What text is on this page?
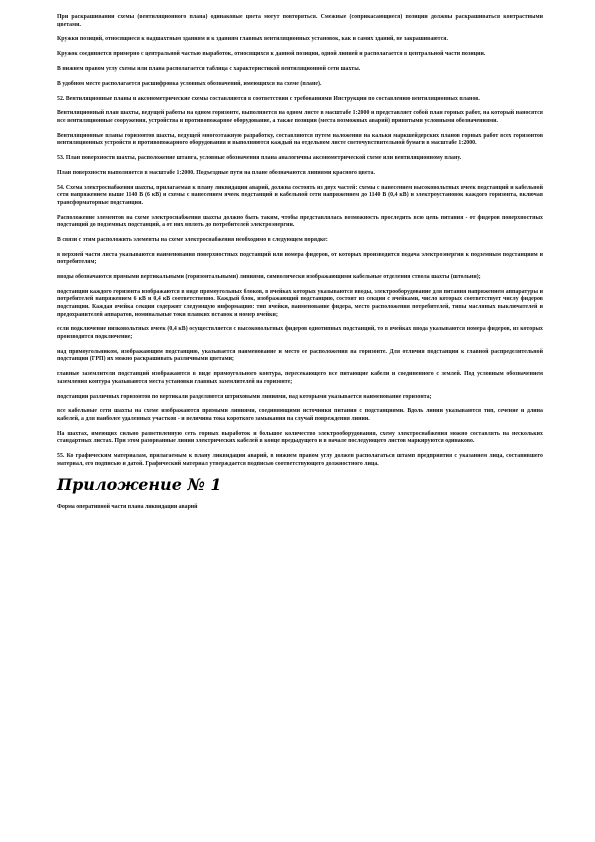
При раскрашивании схемы (вентиляционного плана) одинаковые цвета могут повторяться. Смежные (соприкасающиеся) позиции должны раскрашиваться контрастными цветами.

Кружки позиций, относящиеся к надшахтным зданиям и к зданиям главных вентиляционных установок, как и самих зданий, не закрашиваются.

Кружок соединяется примерно с центральной частью выработок, относящихся к данной позиции, одной линией и располагается в центральной части позиции.

В нижнем правом углу схемы или плана располагается таблица с характеристикой вентиляционной сети шахты.

В удобном месте располагается расшифровка условных обозначений, имеющихся на схеме (плане).

52. Вентиляционные планы и аксонометрические схемы составляются в соответствии с требованиями Инструкции по составлению вентиляционных планов.

Вентиляционный план шахты, ведущей работы на одном горизонте, выполняется на одном листе в масштабе 1:2000 и представляет собой план горных работ, на который наносятся все вентиляционные сооружения, устройства и противопожарное оборудование, а также позиции (места возможных аварий) принятыми условными обозначениями.

Вентиляционные планы горизонтов шахты, ведущей многоэтажную разработку, составляются путем наложения на кальки маркшейдерских планов горных работ всех горизонтов вентиляционных устройств и противопожарного оборудования и выполняются каждый на отдельном листе светочувствительной бумаги в масштабе 1:2000.

53. План поверхности шахты, расположение штанга, условные обозначения плана аналогичны аксонометрической схеме или вентиляционному плану.

План поверхности выполняется в масштабе 1:2000. Подъездные пути на плане обозначаются линиями красного цвета.

54. Схема электроснабжения шахты, прилагаемая к плану ликвидации аварий, должна состоять из двух частей: схемы с нанесением высоковольтных ячеек подстанций и кабельной сети напряжением выше 1140 В (6 кВ) и схемы с нанесением ячеек подстанций и кабельной сети напряжением до 1140 В (0,4 кВ) и электроустановок каждого горизонта, включая трансформаторные подстанции.

Расположение элементов на схеме электроснабжения шахты должно быть таким, чтобы представлялась возможность проследить всю цепь питания - от фидеров поверхностных подстанций до подземных подстанций, а от них вплоть до потребителей электроэнергии.

В связи с этим расположить элементы на схеме электроснабжения необходимо в следующем порядке:

в верхней части листа указываются наименования поверхностных подстанций или номера фидеров, от которых производится подача электроэнергии к подземным подстанциям и потребителям;

вводы обозначаются прямыми вертикальными (горизонтальными) линиями, символически изображающими кабельные отделения ствола шахты (штольни);

подстанции каждого горизонта изображаются в виде прямоугольных блоков, в ячейках которых указываются вводы, электрооборудование для питания напряжением аппаратуры и потребителей напряжением 6 кВ и 0,4 кВ соответственно. Каждый блок, изображающий подстанцию, состоит из секции с ячейками, число которых соответствует числу фидеров подстанции. Каждая ячейка секции содержит следующую информацию: тип ячейки, наименование фидера, место расположения потребителей, типы масляных выключателей и предохранителей аппаратов, номинальные токи плавких вставок и номер ячейки;

если подключение низковольтных ячеек (0,4 кВ) осуществляется с высоковольтных фидеров однотипных подстанций, то в ячейках ввода указываются номера фидеров, из которых производится подключение;

над прямоугольником, изображающим подстанцию, указывается наименование и место ее расположения на горизонте. Для отличия подстанции к главной распределительной подстанции (ГРП) их можно раскрашивать различными цветами;

главные заземлители подстанций изображаются в виде прямоугольного контура, пересекающего все питающие кабели и соединенного с землей. Под условным обозначением заземления контура указываются места установки главных заземлителей на горизонте;

подстанции различных горизонтов по вертикали разделяются штриховыми линиями, над которыми указывается наименование горизонта;

все кабельные сети шахты на схеме изображаются прямыми линиями, соединяющими источники питания с подстанциями. Вдоль линии указываются тип, сечение и длина кабелей, а для наиболее удаленных участков - и величина тока короткого замыкания на случай повреждения линии.

На шахтах, имеющих сильно разветвленную сеть горных выработок и большое количество электрооборудования, схему электроснабжения можно составлять на нескольких стандартных листах. При этом разорванные линии электрических кабелей в конце предыдущего и в начале последующего листов маркируются одинаково.

55. Ко графическим материалам, прилагаемым к плану ликвидации аварий, в нижнем правом углу должен располагаться штамп предприятия с указанием лица, составившего материал, его подписью и датой. Графический материал утверждается подписью соответствующего должностного лица.

Приложение № 1

Форма оперативной части плана ликвидации аварий
